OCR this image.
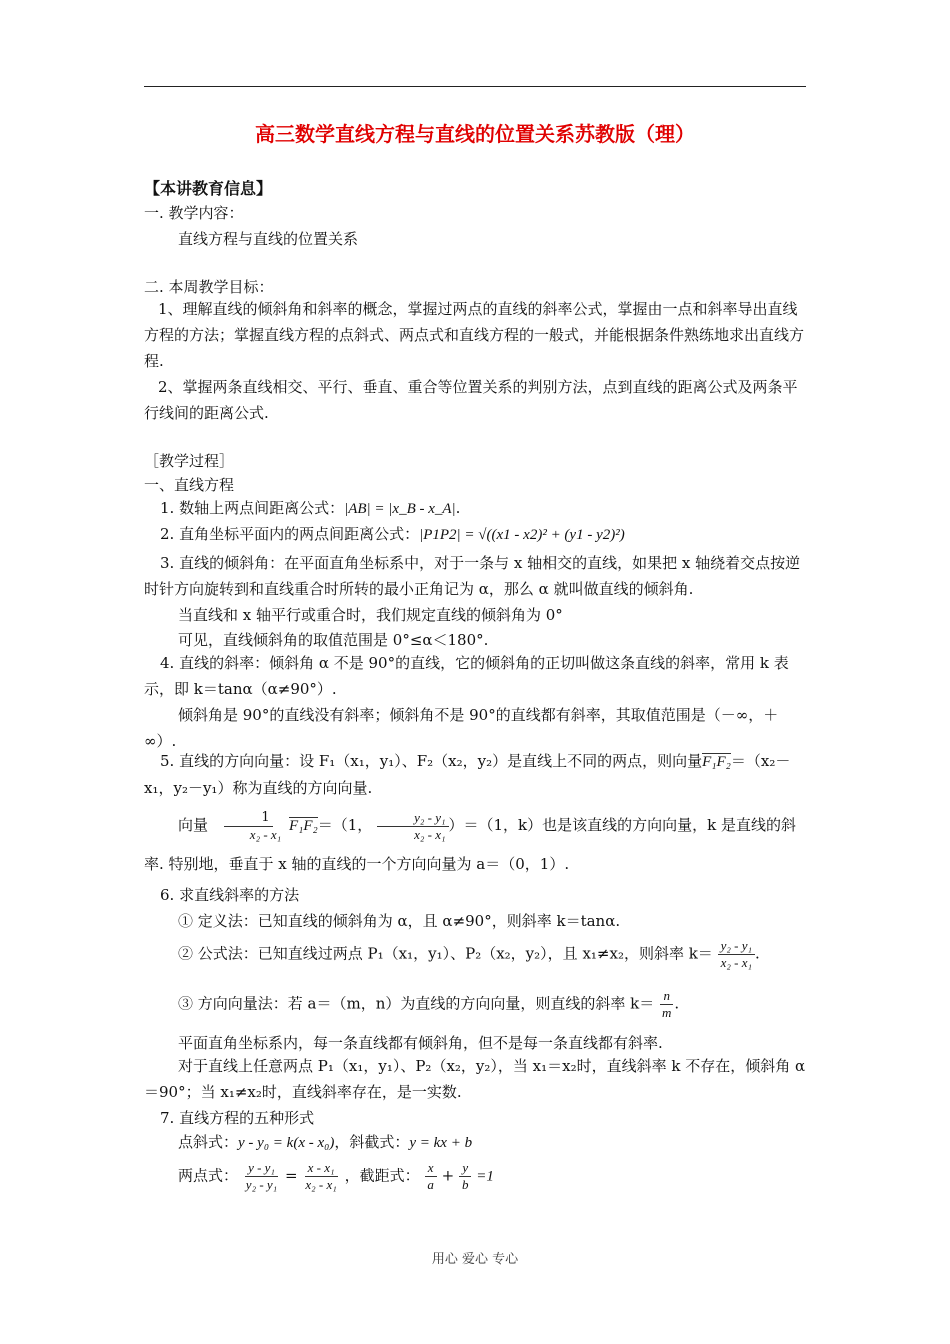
高三数学直线方程与直线的位置关系苏教版（理）
【本讲教育信息】
一. 教学内容：
直线方程与直线的位置关系
二. 本周教学目标：
1、理解直线的倾斜角和斜率的概念，掌握过两点的直线的斜率公式，掌握由一点和斜率导出直线方程的方法；掌握直线方程的点斜式、两点式和直线方程的一般式，并能根据条件熟练地求出直线方程.
2、掌握两条直线相交、平行、垂直、重合等位置关系的判别方法，点到直线的距离公式及两条平行线间的距离公式.
［教学过程］
一、直线方程
1. 数轴上两点间距离公式：|AB| = |x_B - x_A|.
2. 直角坐标平面内的两点间距离公式：|P1P2| = √((x1 - x2)² + (y1 - y2)²)
3. 直线的倾斜角：在平面直角坐标系中，对于一条与 x 轴相交的直线，如果把 x 轴绕着交点按逆时针方向旋转到和直线重合时所转的最小正角记为 α，那么 α 就叫做直线的倾斜角.
当直线和 x 轴平行或重合时，我们规定直线的倾斜角为 0°
可见，直线倾斜角的取值范围是 0°≤α＜180°.
4. 直线的斜率：倾斜角 α 不是 90°的直线，它的倾斜角的正切叫做这条直线的斜率，常用 k 表示，即 k＝tanα（α≠90°）.
倾斜角是 90°的直线没有斜率；倾斜角不是 90°的直线都有斜率，其取值范围是（－∞，＋∞）.
5. 直线的方向向量：设 F₁（x₁，y₁）、F₂（x₂，y₂）是直线上不同的两点，则向量F₁F₂＝（x₂－x₁，y₂－y₁）称为直线的方向向量.
向量 $\frac{1}{\text{x₂ - x₁}} F_1F_2=(1$， $\frac{\text{y₂ - y₁}}{\text{x₂ - x₁}} )=(1$，k）也是该直线的方向向量，k 是直线的斜率. 特别地，垂直于 x 轴的直线的一个方向向量为 a＝（0，1）.
6. 求直线斜率的方法
① 定义法：已知直线的倾斜角为 α，且 α≠90°，则斜率 k＝tanα.
② 公式法：已知直线过两点 P₁（x₁，y₁）、P₂（x₂，y₂），且 x₁≠x₂，则斜率 $k= \frac{\text{y₂ - y₁}}{\text{x₂ - x₁}}$ .
③ 方向向量法：若 a＝（m，n）为直线的方向向量，则直线的斜率 $k= \frac{n}{m}$ .
平面直角坐标系内，每一条直线都有倾斜角，但不是每一条直线都有斜率.
对于直线上任意两点 P₁（x₁，y₁）、P₂（x₂，y₂），当 x₁＝x₂时，直线斜率 k 不存在，倾斜角 α＝90°；当 x₁≠x₂时，直线斜率存在，是一实数.
7. 直线方程的五种形式
点斜式：y - y₀ = k(x - x₀)，斜截式：y = kx + b
两点式： $\frac{\text{y - y₁}}{\text{y₂ - y₁}} = \frac{\text{x - x₁}}{\text{x₂ - x₁}}$ ，截距式： $\frac{x}{a} + \frac{y}{b} =1$
用心 爱心 专心
